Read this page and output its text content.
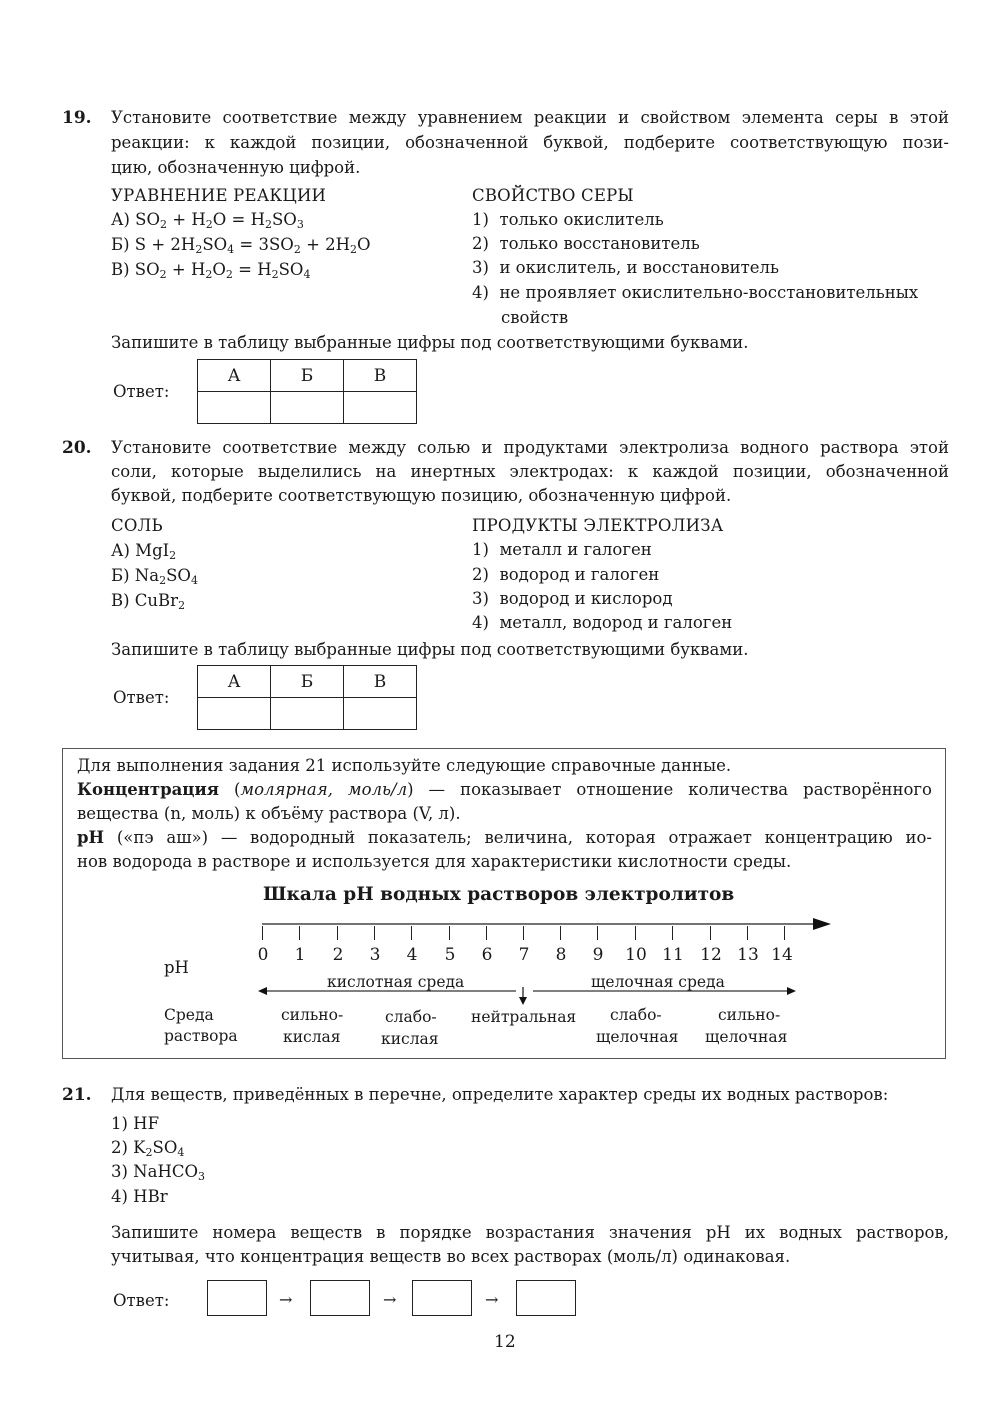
19. Установите соответствие между уравнением реакции и свойством элемента серы в этой
реакции: к каждой позиции, обозначенной буквой, подберите соответствующую пози-
цию, обозначенную цифрой.
УРАВНЕНИЕ РЕАКЦИИ	СВОЙСТВО СЕРЫ
А) $SO_2 + H_2O = H_2SO_3$
Б) $S + 2H_2SO_4 = 3SO_2 + 2H_2O$
В) $SO_2 + H_2O_2 = H_2SO_4$
1) только окислитель
2) только восстановитель
3) и окислитель, и восстановитель
4) не проявляет окислительно-восстановительных
свойств
Запишите в таблицу выбранные цифры под соответствующими буквами.
Ответ:
А	Б	В

20. Установите соответствие между солью и продуктами электролиза водного раствора этой
соли, которые выделились на инертных электродах: к каждой позиции, обозначенной
буквой, подберите соответствующую позицию, обозначенную цифрой.
СОЛЬ	ПРОДУКТЫ ЭЛЕКТРОЛИЗА
А) MgI$_2$
Б) $Na_2SO_4$
В) CuBr$_2$
1) металл и галоген
2) водород и галоген
3) водород и кислород
4) металл, водород и галоген
Запишите в таблицу выбранные цифры под соответствующими буквами.
Ответ:
А	Б	В

Для выполнения задания 21 используйте следующие справочные данные.
Концентрация (молярная, моль/л) — показывает отношение количества растворённого
вещества (n, моль) к объёму раствора (V, л).
pH («пэ аш») — водородный показатель; величина, которая отражает концентрацию ио-
нов водорода в растворе и используется для характеристики кислотности среды.
Шкала pH водных растворов электролитов
pH
0 1 2 3 4 5 6 7 8 9 10 11 12 13 14
кислотная среда	щелочная среда
Среда
раствора
сильно-
кислая
слабо-
кислая
нейтральная слабо-
щелочная
сильно-
щелочная
21. Для веществ, приведённых в перечне, определите характер среды их водных растворов:
1) HF
2) $K_2SO_4$
3) NaHCO$_3$
4) HBr
Запишите номера веществ в порядке возрастания значения pH их водных растворов,
учитывая, что концентрация веществ во всех растворах (моль/л) одинаковая.
Ответ:	→	→	→
12
